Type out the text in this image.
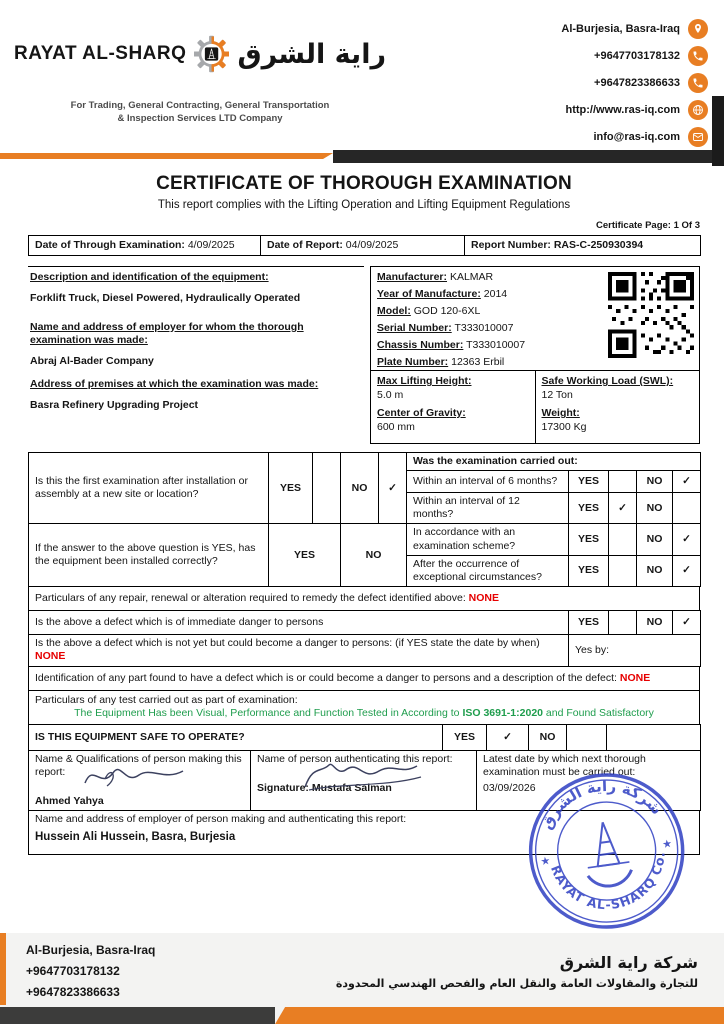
RAYAT AL-SHARQ راية الشرق
For Trading, General Contracting, General Transportation
& Inspection Services LTD Company
Al-Burjesia, Basra-Iraq
+9647703178132
+9647823386633
http://www.ras-iq.com
info@ras-iq.com
CERTIFICATE OF THOROUGH EXAMINATION
This report complies with the Lifting Operation and Lifting Equipment Regulations
Certificate Page: 1 Of 3
Date of Through Examination: 4/09/2025	Date of Report: 04/09/2025	Report Number: RAS-C-250930394
Description and identification of the equipment:
Forklift Truck, Diesel Powered, Hydraulically Operated
Name and address of employer for whom the thorough examination was made:
Abraj Al-Bader Company
Address of premises at which the examination was made:
Basra Refinery Upgrading Project
Manufacturer: KALMAR
Year of Manufacture: 2014
Model: GOD 120-6XL
Serial Number: T333010007
Chassis Number: T333010007
Plate Number: 12363 Erbil
Max Lifting Height:
5.0 m
Center of Gravity:
600 mm
Safe Working Load (SWL):
12 Ton
Weight:
17300 Kg
Is this the first examination after installation or assembly at a new site or location?	YES		NO	✓	Was the examination carried out:				
					Within an interval of 6 months?	YES		NO	✓
					Within an interval of 12 months?	YES	✓	NO	
If the answer to the above question is YES, has the equipment been installed correctly?	YES		NO		In accordance with an examination scheme?	YES		NO	✓
					After the occurrence of exceptional circumstances?	YES		NO	✓
Particulars of any repair, renewal or alteration required to remedy the defect identified above: NONE
Is the above a defect which is of immediate danger to persons	YES		NO	✓
Is the above a defect which is not yet but could become a danger to persons: (if YES state the date by when) NONE	Yes by:
Identification of any part found to have a defect which is or could become a danger to persons and a description of the defect: NONE
Particulars of any test carried out as part of examination:
The Equipment Has been Visual, Performance and Function Tested in According to ISO 3691-1:2020 and Found Satisfactory
IS THIS EQUIPMENT SAFE TO OPERATE?	YES	✓	NO		
Name & Qualifications of person making this report:
Ahmed Yahya

Name of person authenticating this report:
Signature: Mustafa Salman

Latest date by which next thorough examination must be carried out:
03/09/2026
Name and address of employer of person making and authenticating this report:
Hussein Ali Hussein, Basra, Burjesia
شركة راية الشرق
RAYAT AL-SHARQ Co.
★
★
Al-Burjesia, Basra-Iraq
+9647703178132
+9647823386633
شركة راية الشرق
للتجارة والمقاولات العامة والنقل العام والفحص الهندسي المحدودة
